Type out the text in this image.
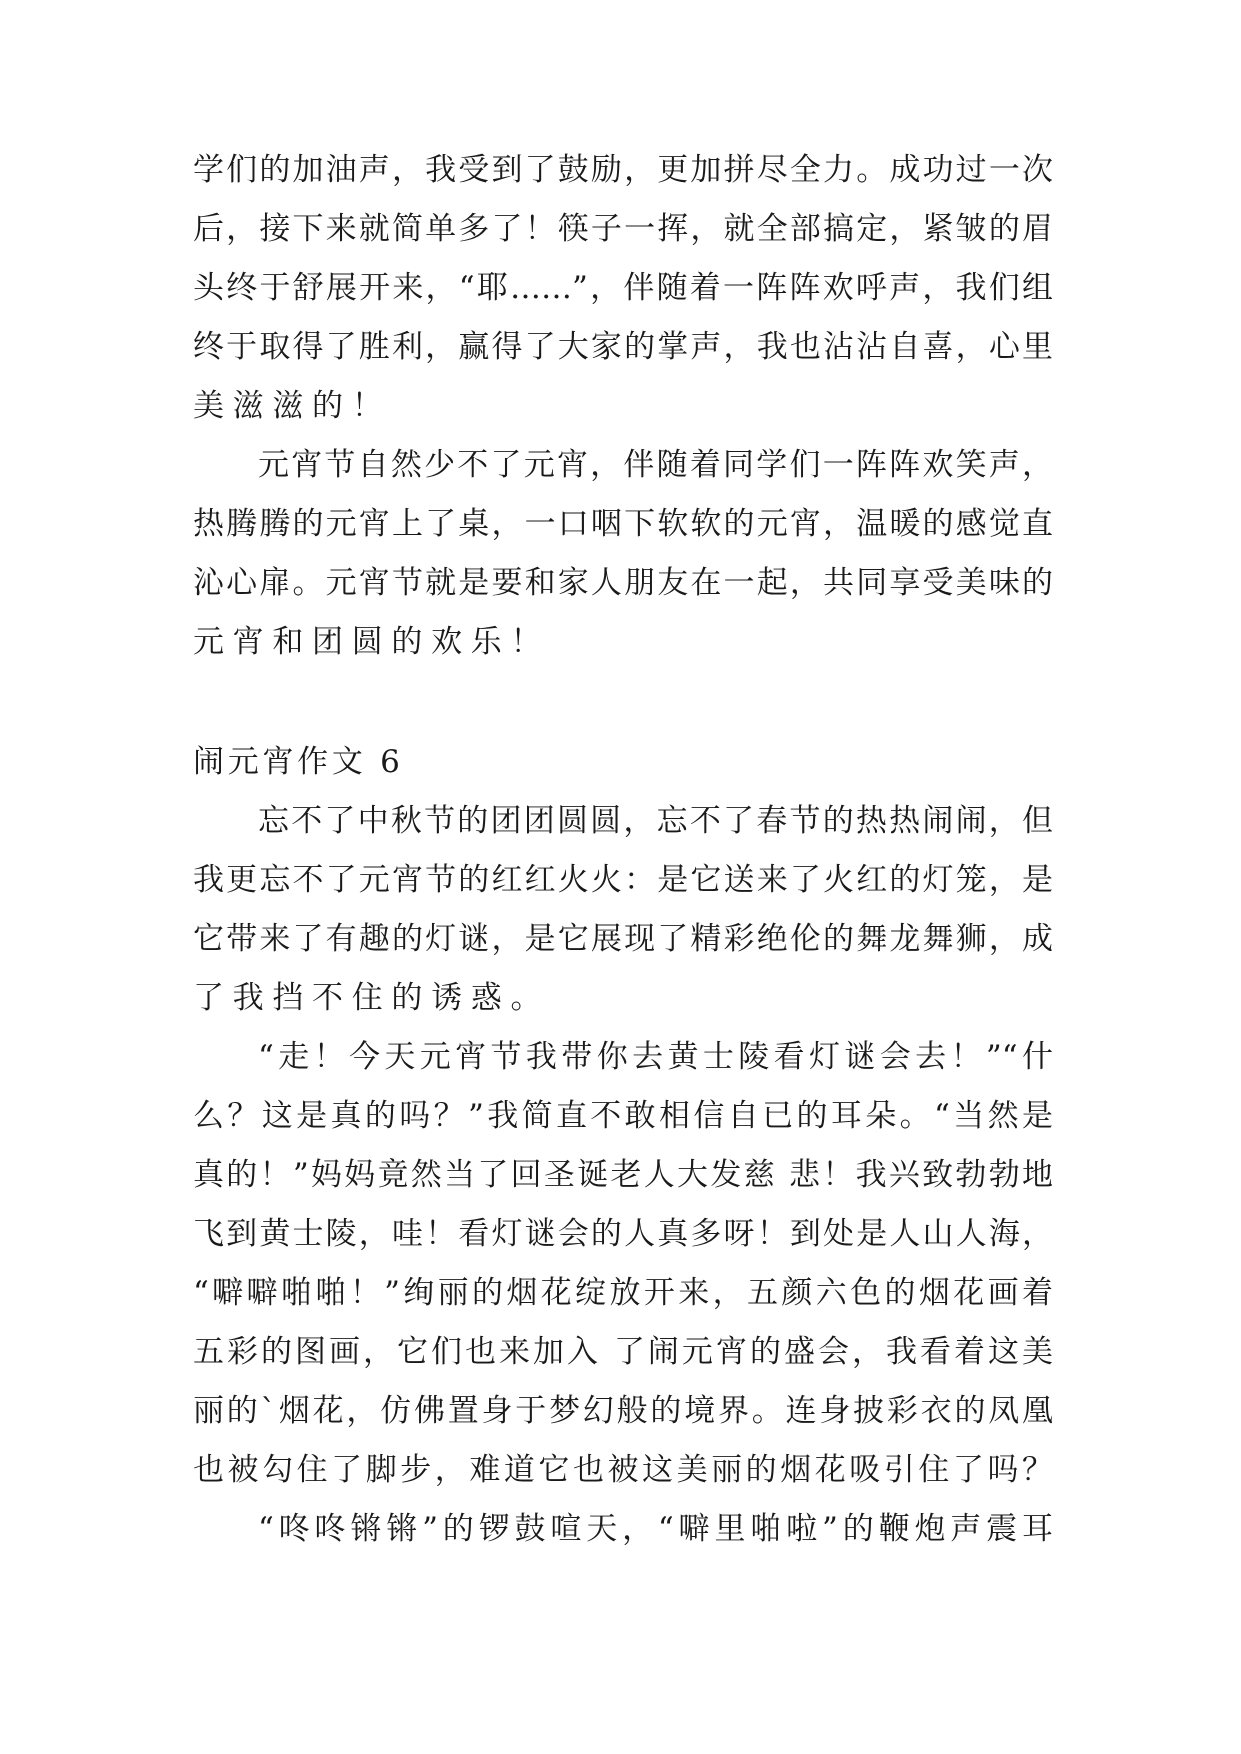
学们的加油声，我受到了鼓励，更加拼尽全力。成功过一次
后，接下来就简单多了！筷子一挥，就全部搞定，紧皱的眉
头终于舒展开来，“耶……”，伴随着一阵阵欢呼声，我们组
终于取得了胜利，赢得了大家的掌声，我也沾沾自喜，心里
美滋滋的！
元宵节自然少不了元宵，伴随着同学们一阵阵欢笑声，
热腾腾的元宵上了桌，一口咽下软软的元宵，温暖的感觉直
沁心扉。元宵节就是要和家人朋友在一起，共同享受美味的
元宵和团圆的欢乐！
闹元宵作文 6
忘不了中秋节的团团圆圆，忘不了春节的热热闹闹，但
我更忘不了元宵节的红红火火：是它送来了火红的灯笼，是
它带来了有趣的灯谜，是它展现了精彩绝伦的舞龙舞狮，成
了我挡不住的诱惑。
“走！今天元宵节我带你去黄士陵看灯谜会去！”“什
么？这是真的吗？”我简直不敢相信自已的耳朵。“当然是
真的！”妈妈竟然当了回圣诞老人大发慈 悲！我兴致勃勃地
飞到黄士陵，哇！看灯谜会的人真多呀！到处是人山人海，
“噼噼啪啪！”绚丽的烟花绽放开来，五颜六色的烟花画着
五彩的图画，它们也来加入 了闹元宵的盛会，我看着这美
丽的`烟花，仿佛置身于梦幻般的境界。连身披彩衣的凤凰
也被勾住了脚步，难道它也被这美丽的烟花吸引住了吗？
“咚咚锵锵”的锣鼓喧天，“噼里啪啦”的鞭炮声震耳
